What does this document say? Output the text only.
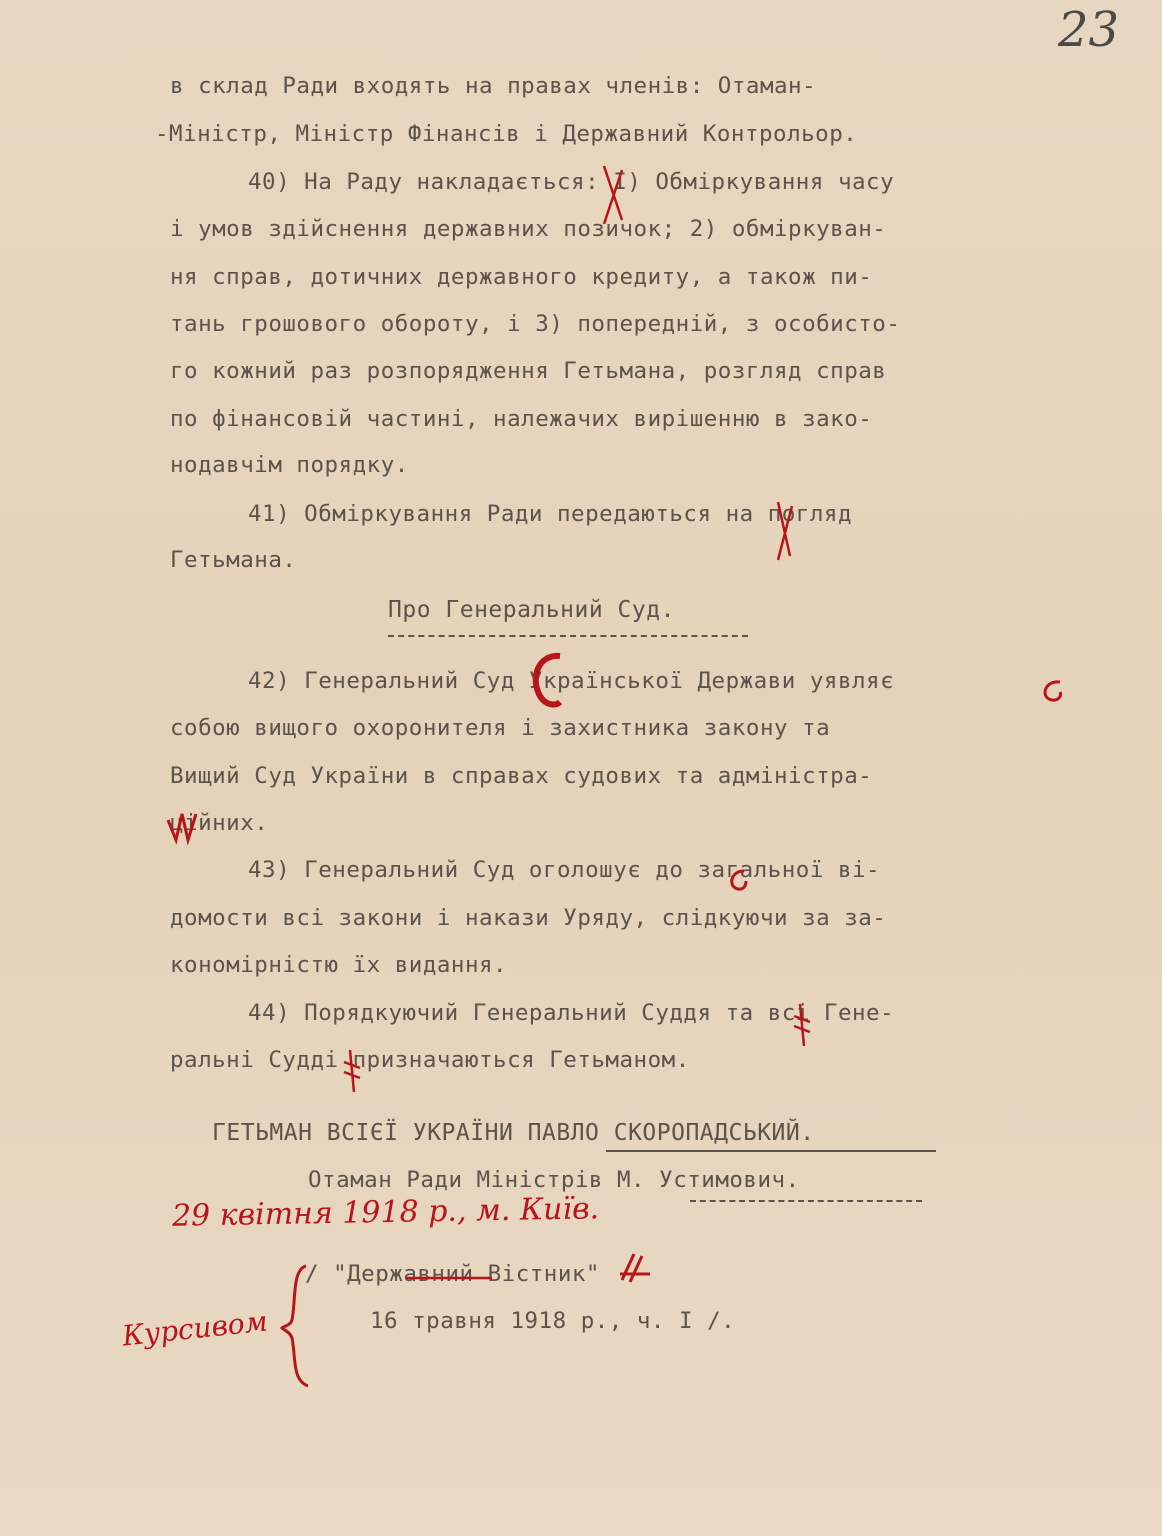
23
в склад Ради входять на правах членів: Отаман-
-Міністр, Міністр Фінансів і Державний Контрольор.
40) На Раду накладається: І) Обміркування часу
і умов здійснення державних позичок; 2) обміркуван-
ня справ, дотичних державного кредиту, а також пи-
тань грошового обороту, і 3) попередній, з особисто-
го кожний раз розпорядження Гетьмана, розгляд справ
по фінансовій частині, належачих вирішенню в зако-
нодавчім порядку.
41) Обміркування Ради передаються на погляд
Гетьмана.
Про Генеральний Суд.
42) Генеральний Суд Української Держави уявляє
собою вищого охоронителя і захистника закону та
Вищий Суд України в справах судових та адміністра-
ційних.
43) Генеральний Суд оголошує до загальної ві-
домости всі закони і накази Уряду, слідкуючи за за-
кономірністю їх видання.
44) Порядкуючий Генеральний Суддя та всі Гене-
ральні Судді призначаються Гетьманом.
ГЕТЬМАН ВСІЄЇ УКРАЇНИ ПАВЛО СКОРОПАДСЬКИЙ.
Отаман Ради Міністрів М. Устимович.
29 квітня 1918 р., м. Київ.
/ "Державний Вістник"
16 травня 1918 р., ч. I /.
Курсивом
